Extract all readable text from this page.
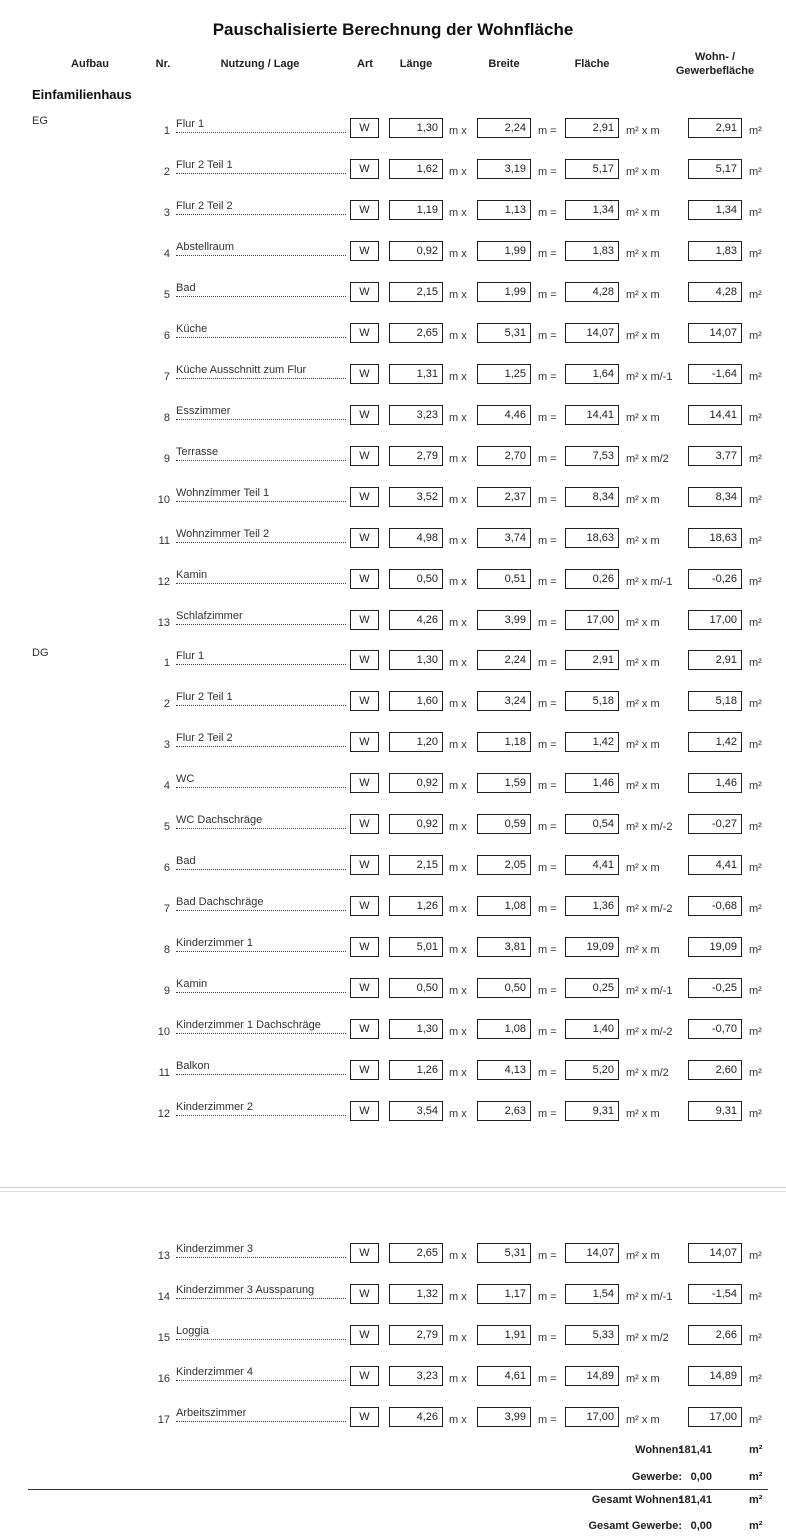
Pauschalisierte Berechnung der Wohnfläche
Aufbau	Nr.	Nutzung / Lage	Art	Länge	Breite	Fläche
Wohn- /
Gewerbefläche
Einfamilienhaus
EG
DG
1
Flur 1	W	1,30	m x	2,24	m =	2,91	m² x m	2,91	m²
2
Flur 2 Teil 1	W	1,62	m x	3,19	m =	5,17	m² x m	5,17	m²
3
Flur 2 Teil 2	W	1,19	m x	1,13	m =	1,34	m² x m	1,34	m²
4
Abstellraum	W	0,92	m x	1,99	m =	1,83	m² x m	1,83	m²
5
Bad	W	2,15	m x	1,99	m =	4,28	m² x m	4,28	m²
6
Küche	W	2,65	m x	5,31	m =	14,07	m² x m	14,07	m²
7
Küche Ausschnitt zum Flur	W	1,31	m x	1,25	m =	1,64	m² x m/-1	-1,64	m²
8
Esszimmer	W	3,23	m x	4,46	m =	14,41	m² x m	14,41	m²
9
Terrasse	W	2,79	m x	2,70	m =	7,53	m² x m/2	3,77	m²
10
Wohnzimmer Teil 1	W	3,52	m x	2,37	m =	8,34	m² x m	8,34	m²
11
Wohnzimmer Teil 2	W	4,98	m x	3,74	m =	18,63	m² x m	18,63	m²
12
Kamin	W	0,50	m x	0,51	m =	0,26	m² x m/-1	-0,26	m²
13
Schlafzimmer	W	4,26	m x	3,99	m =	17,00	m² x m	17,00	m²
1
Flur 1	W	1,30	m x	2,24	m =	2,91	m² x m	2,91	m²
2
Flur 2 Teil 1	W	1,60	m x	3,24	m =	5,18	m² x m	5,18	m²
3
Flur 2 Teil 2	W	1,20	m x	1,18	m =	1,42	m² x m	1,42	m²
4
WC	W	0,92	m x	1,59	m =	1,46	m² x m	1,46	m²
5
WC Dachschräge	W	0,92	m x	0,59	m =	0,54	m² x m/-2	-0,27	m²
6
Bad	W	2,15	m x	2,05	m =	4,41	m² x m	4,41	m²
7
Bad Dachschräge	W	1,26	m x	1,08	m =	1,36	m² x m/-2	-0,68	m²
8
Kinderzimmer 1	W	5,01	m x	3,81	m =	19,09	m² x m	19,09	m²
9
Kamin	W	0,50	m x	0,50	m =	0,25	m² x m/-1	-0,25	m²
10
Kinderzimmer 1 Dachschräge	W	1,30	m x	1,08	m =	1,40	m² x m/-2	-0,70	m²
11
Balkon	W	1,26	m x	4,13	m =	5,20	m² x m/2	2,60	m²
12
Kinderzimmer 2	W	3,54	m x	2,63	m =	9,31	m² x m	9,31	m²
13
Kinderzimmer 3	W	2,65	m x	5,31	m =	14,07	m² x m	14,07	m²
14
Kinderzimmer 3 Aussparung	W	1,32	m x	1,17	m =	1,54	m² x m/-1	-1,54	m²
15
Loggia	W	2,79	m x	1,91	m =	5,33	m² x m/2	2,66	m²
16
Kinderzimmer 4	W	3,23	m x	4,61	m =	14,89	m² x m	14,89	m²
17
Arbeitszimmer	W	4,26	m x	3,99	m =	17,00	m² x m	17,00	m²
Wohnen:
181,41	m²
Gewerbe: 0,00	m²
Gesamt Wohnen:
181,41	m²
Gesamt Gewerbe: 0,00	m²
